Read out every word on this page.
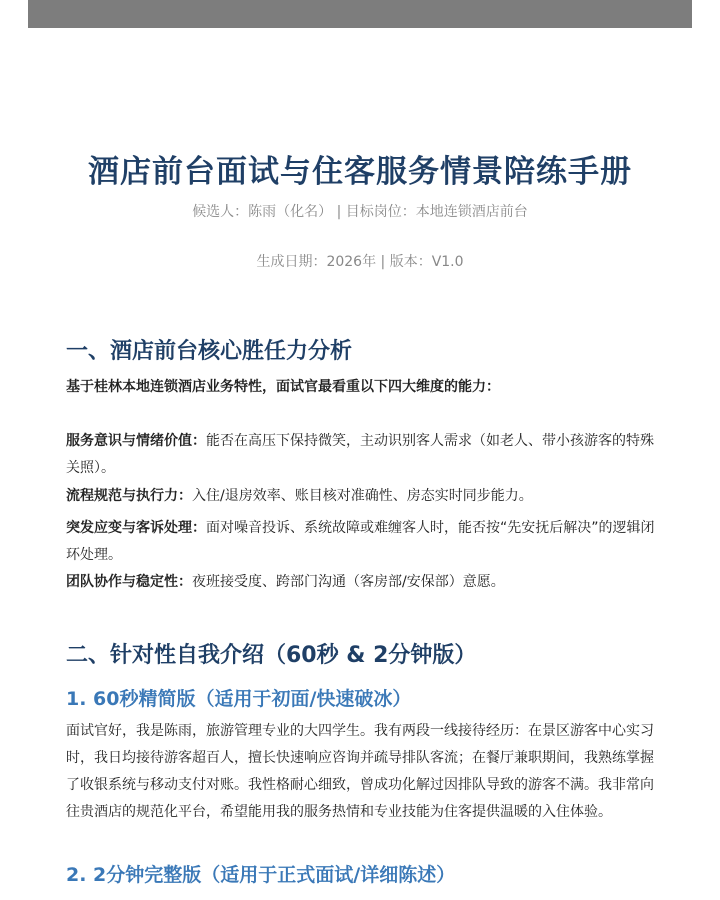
酒店前台面试与住客服务情景陪练手册
候选人：陈雨（化名） | 目标岗位：本地连锁酒店前台
生成日期：2026年 | 版本：V1.0
一、酒店前台核心胜任力分析
基于桂林本地连锁酒店业务特性，面试官最看重以下四大维度的能力：
服务意识与情绪价值：能否在高压下保持微笑，主动识别客人需求（如老人、带小孩游客的特殊关照）。
流程规范与执行力：入住/退房效率、账目核对准确性、房态实时同步能力。
突发应变与客诉处理：面对噪音投诉、系统故障或难缠客人时，能否按“先安抚后解决”的逻辑闭环处理。
团队协作与稳定性：夜班接受度、跨部门沟通（客房部/安保部）意愿。
二、针对性自我介绍（60秒 & 2分钟版）
1. 60秒精简版（适用于初面/快速破冰）
面试官好，我是陈雨，旅游管理专业的大四学生。我有两段一线接待经历：在景区游客中心实习时，我日均接待游客超百人，擅长快速响应咨询并疏导排队客流；在餐厅兼职期间，我熟练掌握了收银系统与移动支付对账。我性格耐心细致，曾成功化解过因排队导致的游客不满。我非常向往贵酒店的规范化平台，希望能用我的服务热情和专业技能为住客提供温暖的入住体验。
2. 2分钟完整版（适用于正式面试/详细陈述）
